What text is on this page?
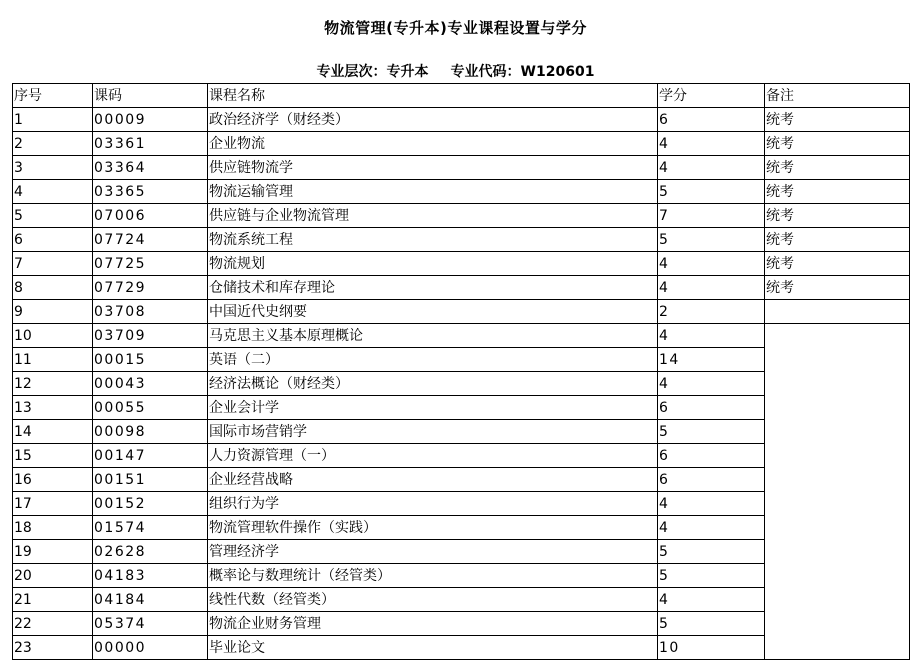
物流管理(专升本)专业课程设置与学分
专业层次：专升本 专业代码：W120601
序号	课码	课程名称	学分	备注
1	00009	政治经济学（财经类）	6	统考
2	03361	企业物流	4	统考
3	03364	供应链物流学	4	统考
4	03365	物流运输管理	5	统考
5	07006	供应链与企业物流管理	7	统考
6	07724	物流系统工程	5	统考
7	07725	物流规划	4	统考
8	07729	仓储技术和库存理论	4	统考
9	03708	中国近代史纲要	2	
10	03709	马克思主义基本原理概论	4	
11	00015	英语（二）	14	
12	00043	经济法概论（财经类）	4	
13	00055	企业会计学	6	
14	00098	国际市场营销学	5	
15	00147	人力资源管理（一）	6	
16	00151	企业经营战略	6	
17	00152	组织行为学	4	
18	01574	物流管理软件操作（实践）	4	
19	02628	管理经济学	5	
20	04183	概率论与数理统计（经管类）	5	
21	04184	线性代数（经管类）	4	
22	05374	物流企业财务管理	5	
23	00000	毕业论文	10	
